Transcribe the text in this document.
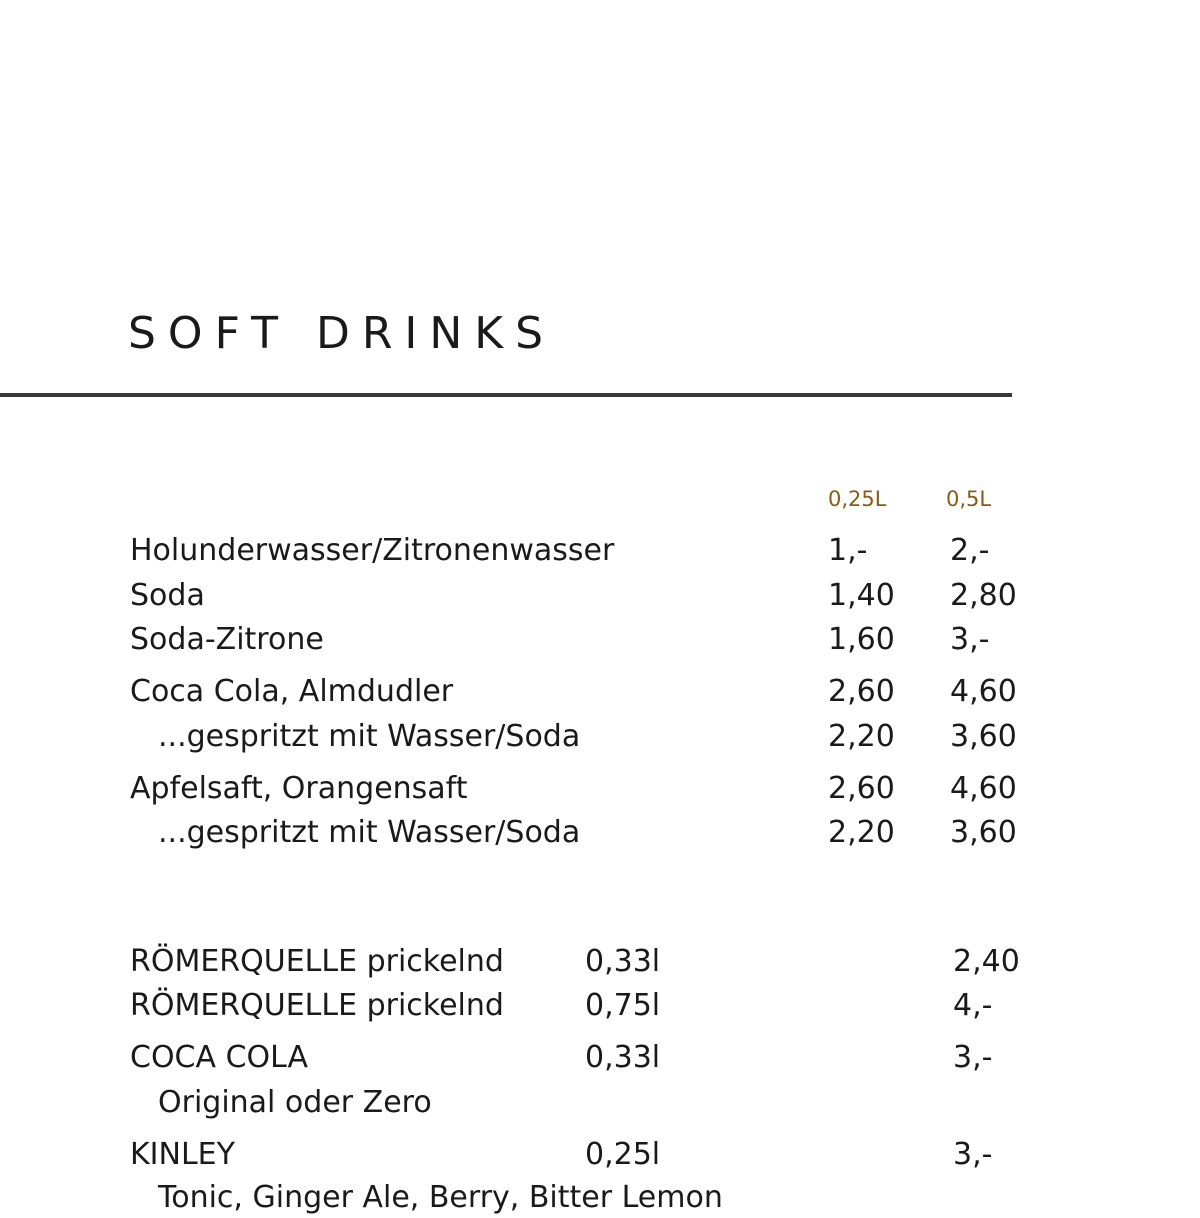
SOFT DRINKS
0,25L	0,5L
Holunderwasser/Zitronenwasser	1,-	2,-
Soda	1,40 2,80
Soda-Zitrone	1,60 3,-
Coca Cola, Almdudler	2,60 4,60
...gespritzt mit Wasser/Soda	2,20 3,60
Apfelsaft, Orangensaft	2,60 4,60
...gespritzt mit Wasser/Soda	2,20 3,60
RÖMERQUELLE prickelnd	0,33l	2,40
RÖMERQUELLE prickelnd	0,75l	4,-
COCA COLA	0,33l	3,-
Original oder Zero
KINLEY	0,25l	3,-
Tonic, Ginger Ale, Berry, Bitter Lemon
